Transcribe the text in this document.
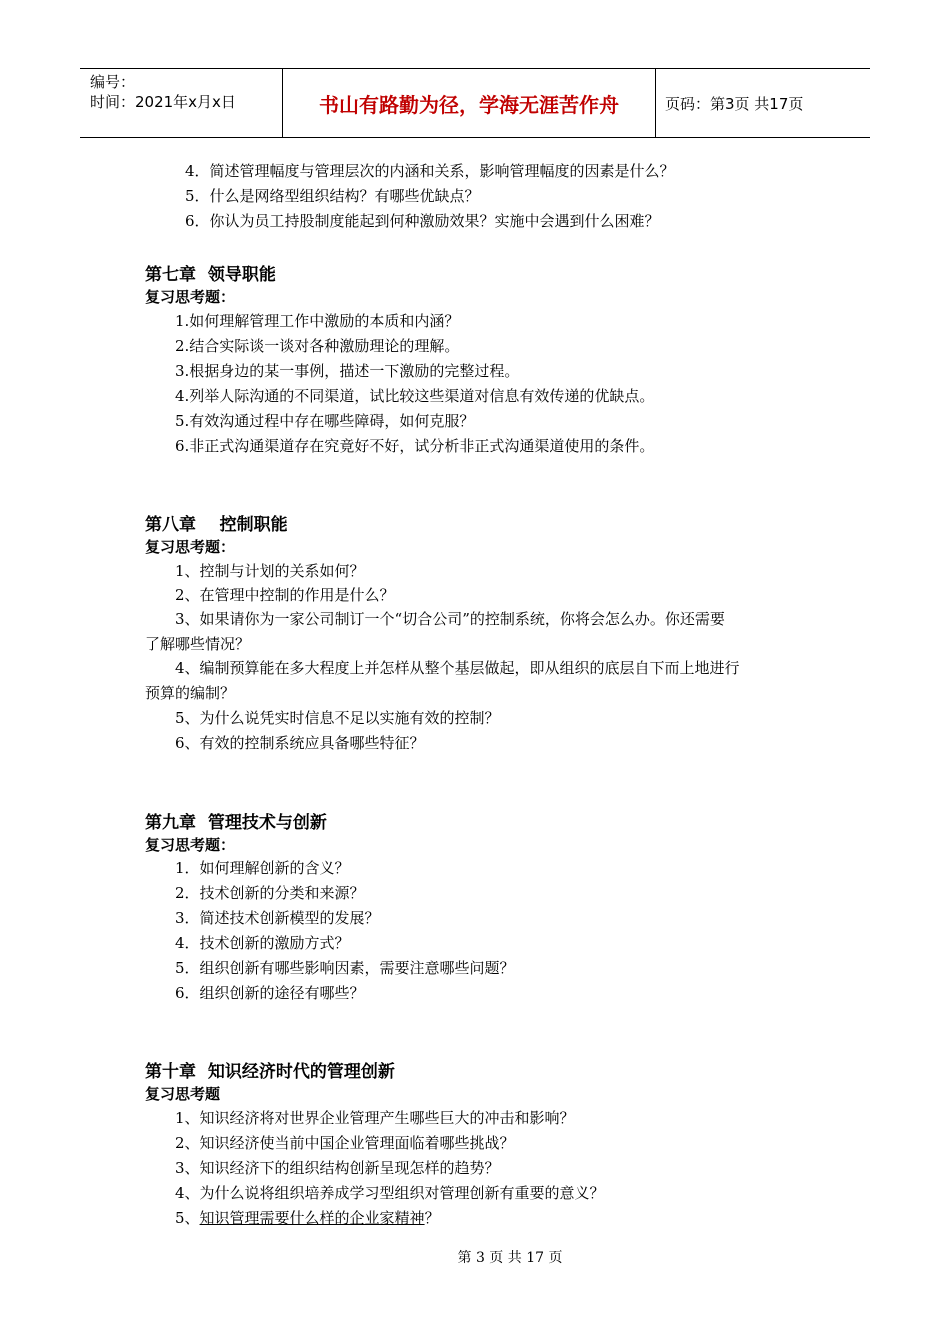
编号：
时间：2021年x月x日	书山有路勤为径，学海无涯苦作舟	页码：第3页 共17页
4．简述管理幅度与管理层次的内涵和关系，影响管理幅度的因素是什么？
5．什么是网络型组织结构？有哪些优缺点？
6．你认为员工持股制度能起到何种激励效果？实施中会遇到什么困难？
第七章  领导职能
复习思考题：
1.如何理解管理工作中激励的本质和内涵？
2.结合实际谈一谈对各种激励理论的理解。
3.根据身边的某一事例，描述一下激励的完整过程。
4.列举人际沟通的不同渠道，试比较这些渠道对信息有效传递的优缺点。
5.有效沟通过程中存在哪些障碍，如何克服？
6.非正式沟通渠道存在究竟好不好，试分析非正式沟通渠道使用的条件。
第八章    控制职能
复习思考题：
1、控制与计划的关系如何？
2、在管理中控制的作用是什么？
3、如果请你为一家公司制订一个“切合公司”的控制系统，你将会怎么办。你还需要
了解哪些情况？
4、编制预算能在多大程度上并怎样从整个基层做起，即从组织的底层自下而上地进行
预算的编制？
5、为什么说凭实时信息不足以实施有效的控制？
6、有效的控制系统应具备哪些特征？
第九章  管理技术与创新
复习思考题：
1．如何理解创新的含义？
2．技术创新的分类和来源？
3．简述技术创新模型的发展？
4．技术创新的激励方式？
5．组织创新有哪些影响因素，需要注意哪些问题？
6．组织创新的途径有哪些？
第十章  知识经济时代的管理创新
复习思考题
1、知识经济将对世界企业管理产生哪些巨大的冲击和影响？
2、知识经济使当前中国企业管理面临着哪些挑战？
3、知识经济下的组织结构创新呈现怎样的趋势？
4、为什么说将组织培养成学习型组织对管理创新有重要的意义？
5、知识管理需要什么样的企业家精神？
第 3 页 共 17 页
